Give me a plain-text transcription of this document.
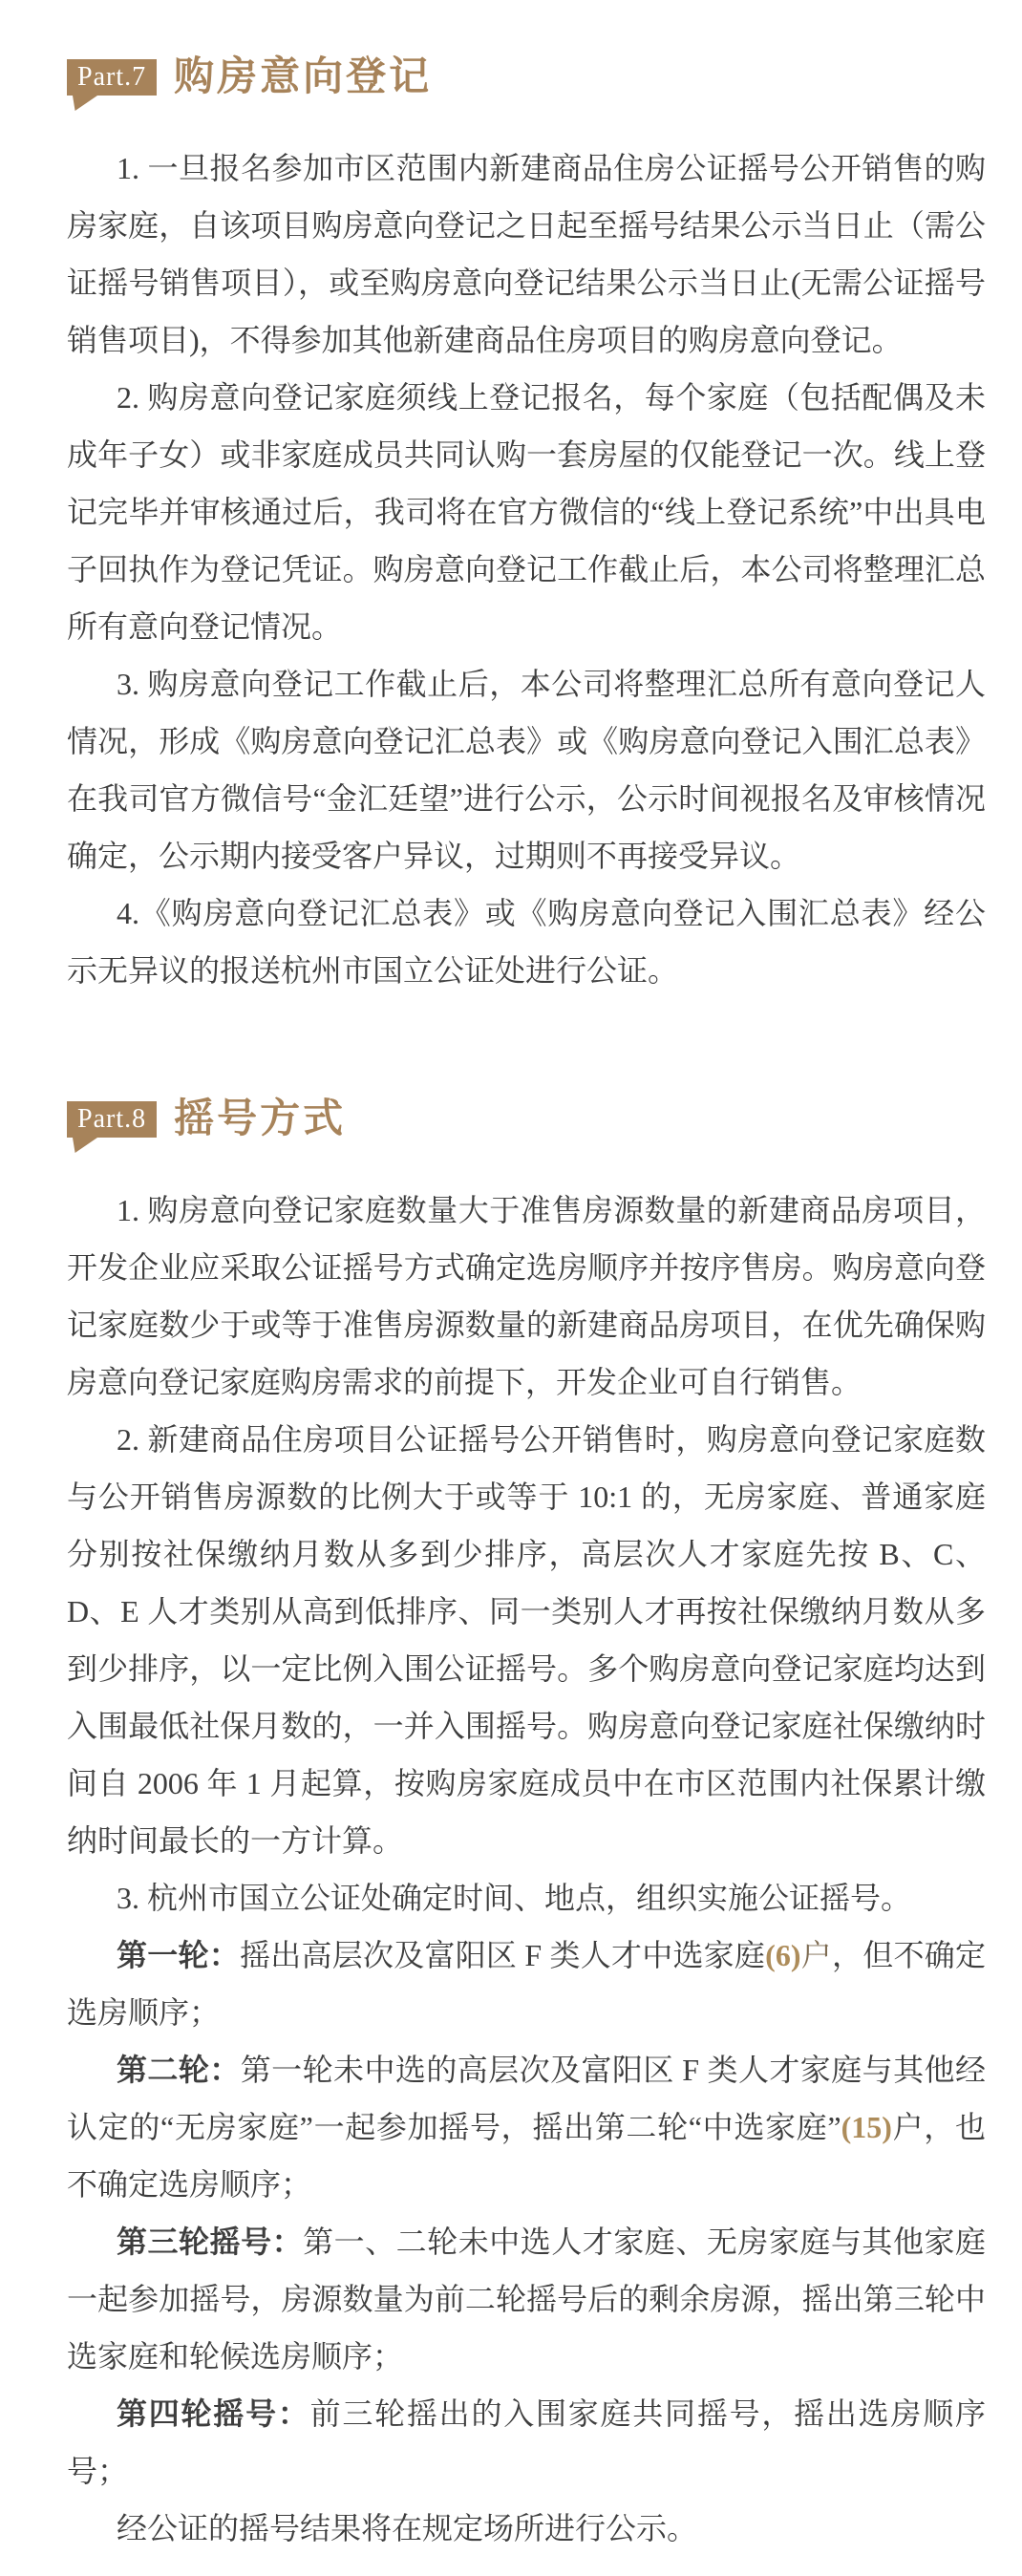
Part.7 购房意向登记

1. 一旦报名参加市区范围内新建商品住房公证摇号公开销售的购房家庭，自该项目购房意向登记之日起至摇号结果公示当日止（需公证摇号销售项目），或至购房意向登记结果公示当日止(无需公证摇号销售项目)，不得参加其他新建商品住房项目的购房意向登记。

2. 购房意向登记家庭须线上登记报名，每个家庭（包括配偶及未成年子女）或非家庭成员共同认购一套房屋的仅能登记一次。线上登记完毕并审核通过后，我司将在官方微信的“线上登记系统”中出具电子回执作为登记凭证。购房意向登记工作截止后，本公司将整理汇总所有意向登记情况。

3. 购房意向登记工作截止后，本公司将整理汇总所有意向登记人情况，形成《购房意向登记汇总表》或《购房意向登记入围汇总表》在我司官方微信号“金汇廷望”进行公示，公示时间视报名及审核情况确定，公示期内接受客户异议，过期则不再接受异议。

4.《购房意向登记汇总表》或《购房意向登记入围汇总表》经公示无异议的报送杭州市国立公证处进行公证。

Part.8 摇号方式

1. 购房意向登记家庭数量大于准售房源数量的新建商品房项目，开发企业应采取公证摇号方式确定选房顺序并按序售房。购房意向登记家庭数少于或等于准售房源数量的新建商品房项目，在优先确保购房意向登记家庭购房需求的前提下，开发企业可自行销售。

2. 新建商品住房项目公证摇号公开销售时，购房意向登记家庭数与公开销售房源数的比例大于或等于 10:1 的，无房家庭、普通家庭分别按社保缴纳月数从多到少排序，高层次人才家庭先按 B、C、D、E 人才类别从高到低排序、同一类别人才再按社保缴纳月数从多到少排序，以一定比例入围公证摇号。多个购房意向登记家庭均达到入围最低社保月数的，一并入围摇号。购房意向登记家庭社保缴纳时间自 2006 年 1 月起算，按购房家庭成员中在市区范围内社保累计缴纳时间最长的一方计算。

3. 杭州市国立公证处确定时间、地点，组织实施公证摇号。

第一轮：摇出高层次及富阳区 F 类人才中选家庭(6)户，但不确定选房顺序；

第二轮：第一轮未中选的高层次及富阳区 F 类人才家庭与其他经认定的“无房家庭”一起参加摇号，摇出第二轮“中选家庭”(15)户，也不确定选房顺序；

第三轮摇号：第一、二轮未中选人才家庭、无房家庭与其他家庭一起参加摇号，房源数量为前二轮摇号后的剩余房源，摇出第三轮中选家庭和轮候选房顺序；

第四轮摇号：前三轮摇出的入围家庭共同摇号，摇出选房顺序号；

经公证的摇号结果将在规定场所进行公示。
